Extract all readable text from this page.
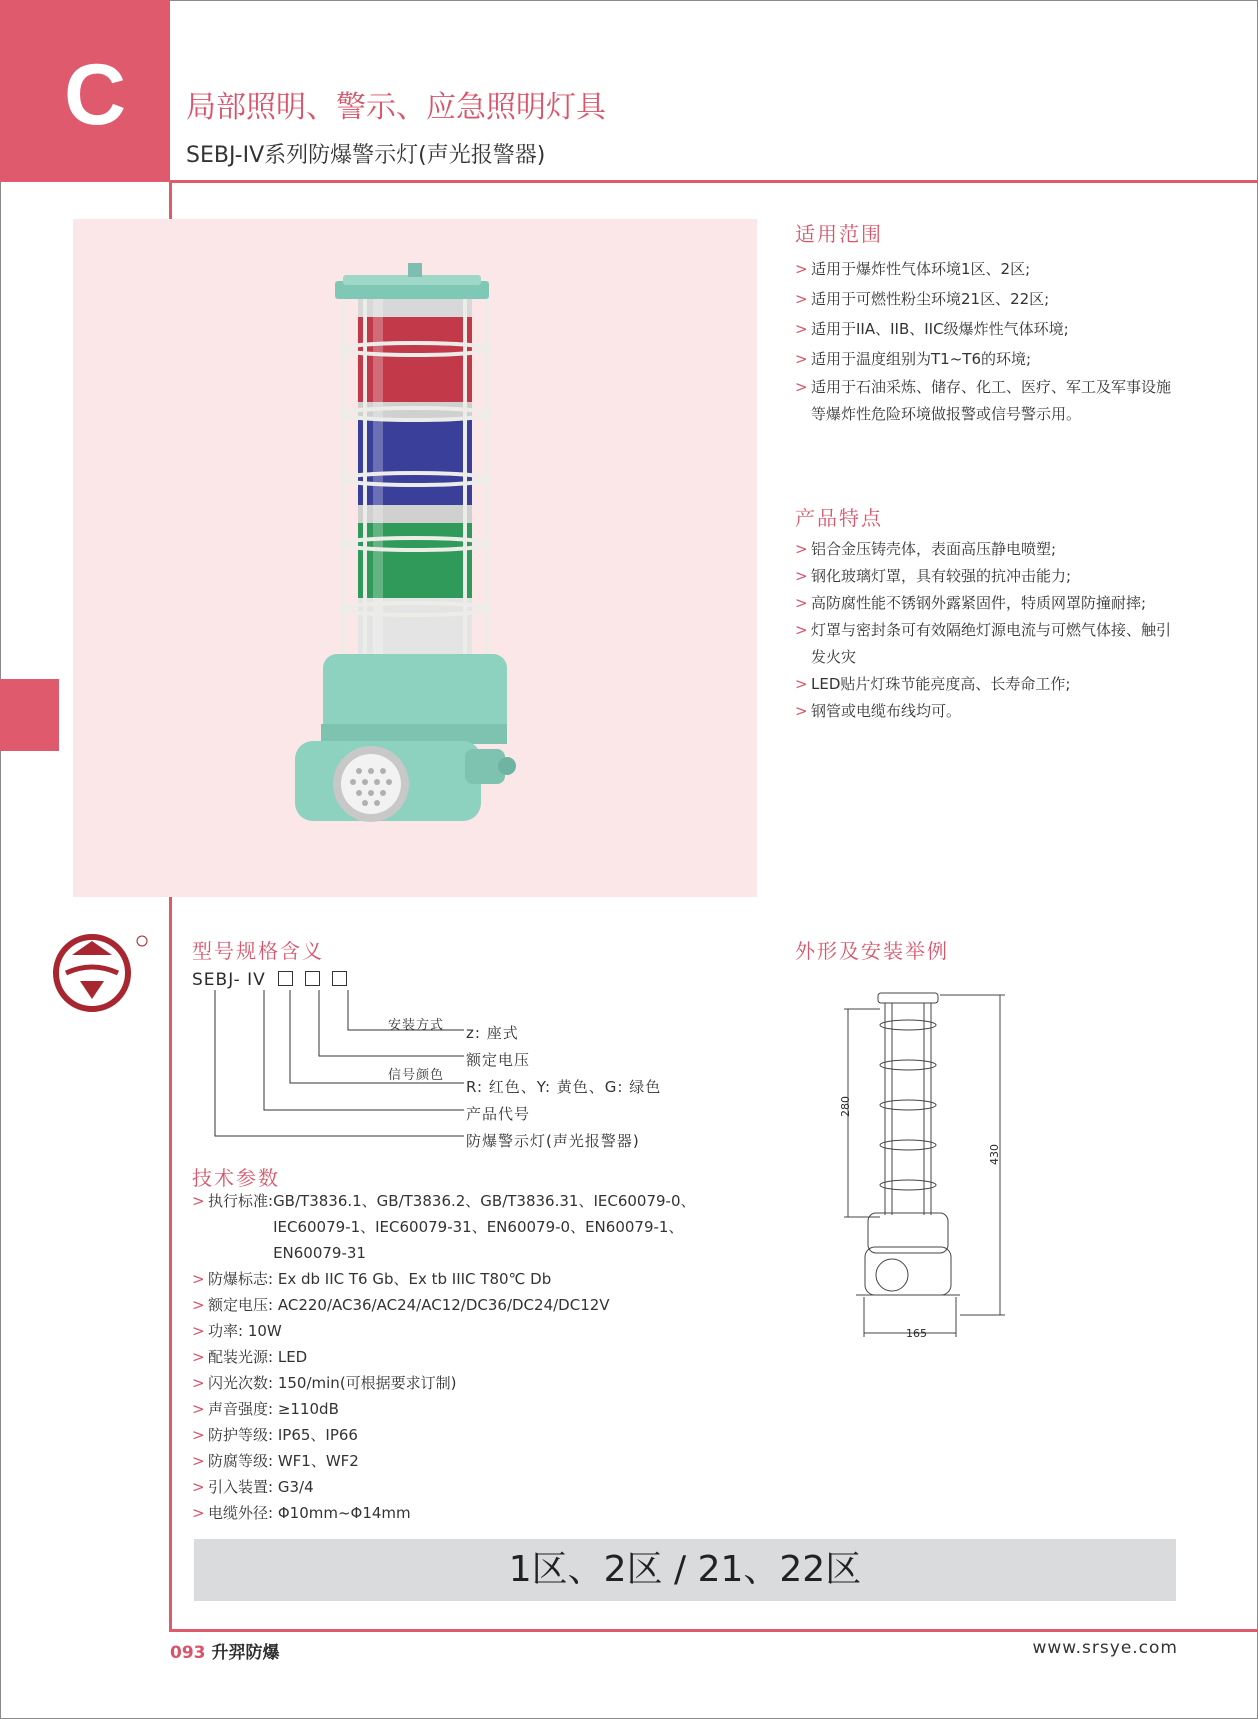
C	局部照明、警示、应急照明灯具
SEBJ-IV系列防爆警示灯(声光报警器)
适用范围
> 适用于爆炸性气体环境1区、2区;
> 适用于可燃性粉尘环境21区、22区;
> 适用于IIA、IIB、IIC级爆炸性气体环境;
> 适用于温度组别为T1~T6的环境;
> 适用于石油采炼、储存、化工、医疗、军工及军事设施等爆炸性危险环境做报警或信号警示用。
产品特点
> 铝合金压铸壳体，表面高压静电喷塑;
> 钢化玻璃灯罩，具有较强的抗冲击能力;
> 高防腐性能不锈钢外露紧固件，特质网罩防撞耐摔;
> 灯罩与密封条可有效隔绝灯源电流与可燃气体接、触引发火灾
> LED贴片灯珠节能亮度高、长寿命工作;
> 钢管或电缆布线均可。
型号规格含义
SEBJ- IV
安装方式 z: 座式
额定电压
信号颜色
R: 红色、Y: 黄色、G: 绿色
产品代号
防爆警示灯(声光报警器)
外形及安装举例
280
430
165
技术参数
> 执行标准: GB/T3836.1、GB/T3836.2、GB/T3836.31、IEC60079-0、IEC60079-1、IEC60079-31、EN60079-0、EN60079-1、EN60079-31
> 防爆标志: Ex db IIC T6 Gb、Ex tb IIIC T80℃ Db
> 额定电压: AC220/AC36/AC24/AC12/DC36/DC24/DC12V
> 功率: 10W
> 配装光源: LED
> 闪光次数: 150/min(可根据要求订制)
> 声音强度: ≥110dB
> 防护等级: IP65、IP66
> 防腐等级: WF1、WF2
> 引入装置: G3/4
> 电缆外径: Φ10mm~Φ14mm
1区、2区 / 21、22区
093 升羿防爆	www.srsye.com
